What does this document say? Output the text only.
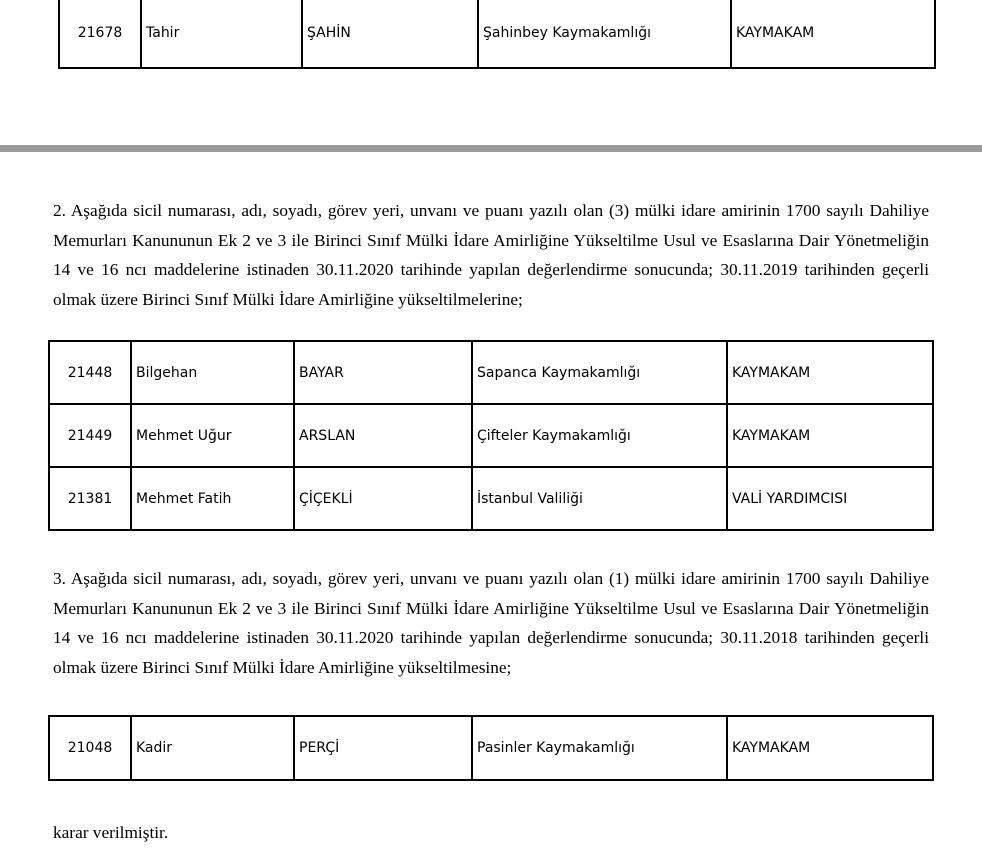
21678	Tahir	ŞAHİN	Şahinbey Kaymakamlığı	KAYMAKAM

2. Aşağıda sicil numarası, adı, soyadı, görev yeri, unvanı ve puanı yazılı olan (3) mülki idare amirinin 1700 sayılı Dahiliye Memurları Kanununun Ek 2 ve 3 ile Birinci Sınıf Mülki İdare Amirliğine Yükseltilme Usul ve Esaslarına Dair Yönetmeliğin 14 ve 16 ncı maddelerine istinaden 30.11.2020 tarihinde yapılan değerlendirme sonucunda; 30.11.2019 tarihinden geçerli olmak üzere Birinci Sınıf Mülki İdare Amirliğine yükseltilmelerine;

21448	Bilgehan	BAYAR	Sapanca Kaymakamlığı	KAYMAKAM
21449	Mehmet Uğur	ARSLAN	Çifteler Kaymakamlığı	KAYMAKAM
21381	Mehmet Fatih	ÇİÇEKLİ	İstanbul Valiliği	VALİ YARDIMCISI

3. Aşağıda sicil numarası, adı, soyadı, görev yeri, unvanı ve puanı yazılı olan (1) mülki idare amirinin 1700 sayılı Dahiliye Memurları Kanununun Ek 2 ve 3 ile Birinci Sınıf Mülki İdare Amirliğine Yükseltilme Usul ve Esaslarına Dair Yönetmeliğin 14 ve 16 ncı maddelerine istinaden 30.11.2020 tarihinde yapılan değerlendirme sonucunda; 30.11.2018 tarihinden geçerli olmak üzere Birinci Sınıf Mülki İdare Amirliğine yükseltilmesine;

21048	Kadir	PERÇİ	Pasinler Kaymakamlığı	KAYMAKAM

karar verilmiştir.
